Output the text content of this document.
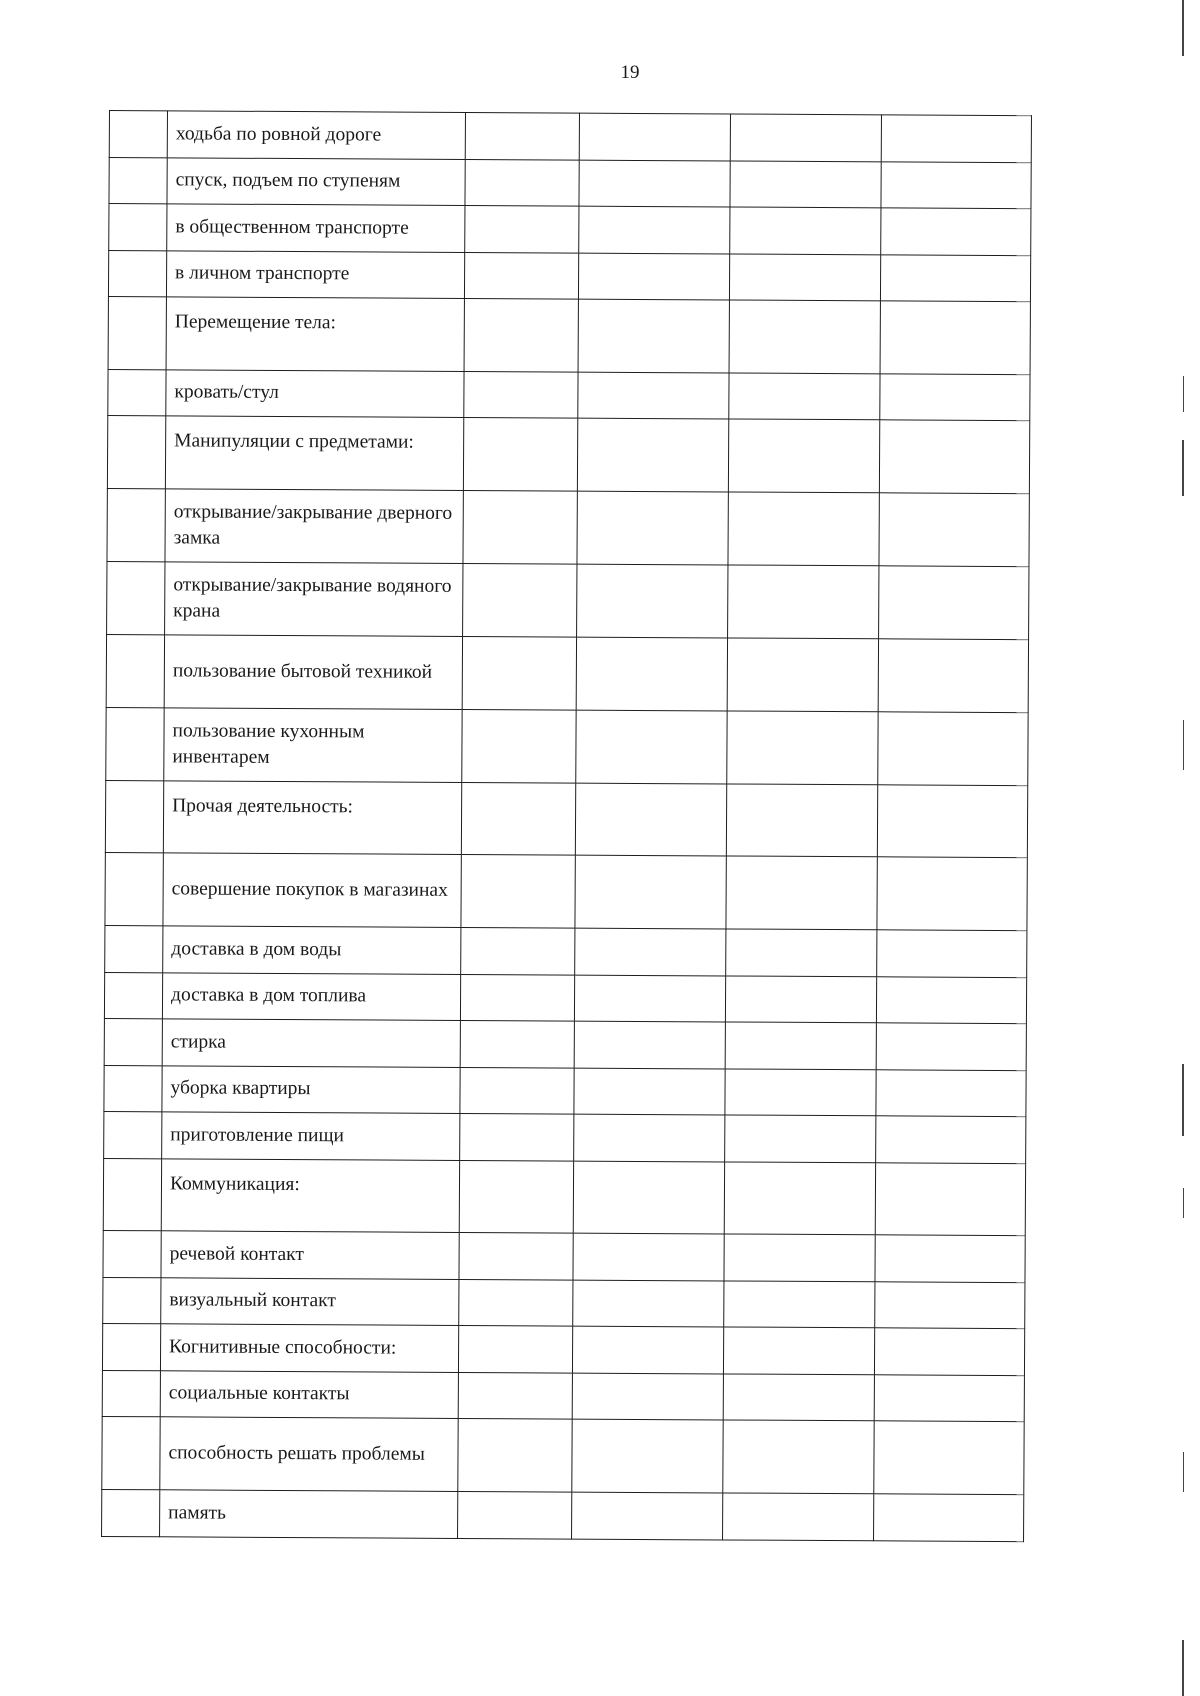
19
	ходьба по ровной дороге				
	спуск, подъем по ступеням				
	в общественном транспорте				
	в личном транспорте				
	Перемещение тела:				
	кровать/стул				
	Манипуляции с предметами:				
	открывание/закрывание дверного замка				
	открывание/закрывание водяного крана				
	пользование бытовой техникой				
	пользование кухонным инвентарем				
	Прочая деятельность:				
	совершение покупок в магазинах				
	доставка в дом воды				
	доставка в дом топлива				
	стирка				
	уборка квартиры				
	приготовление пищи				
	Коммуникация:				
	речевой контакт				
	визуальный контакт				
	Когнитивные способности:				
	социальные контакты				
	способность решать проблемы				
	память				
